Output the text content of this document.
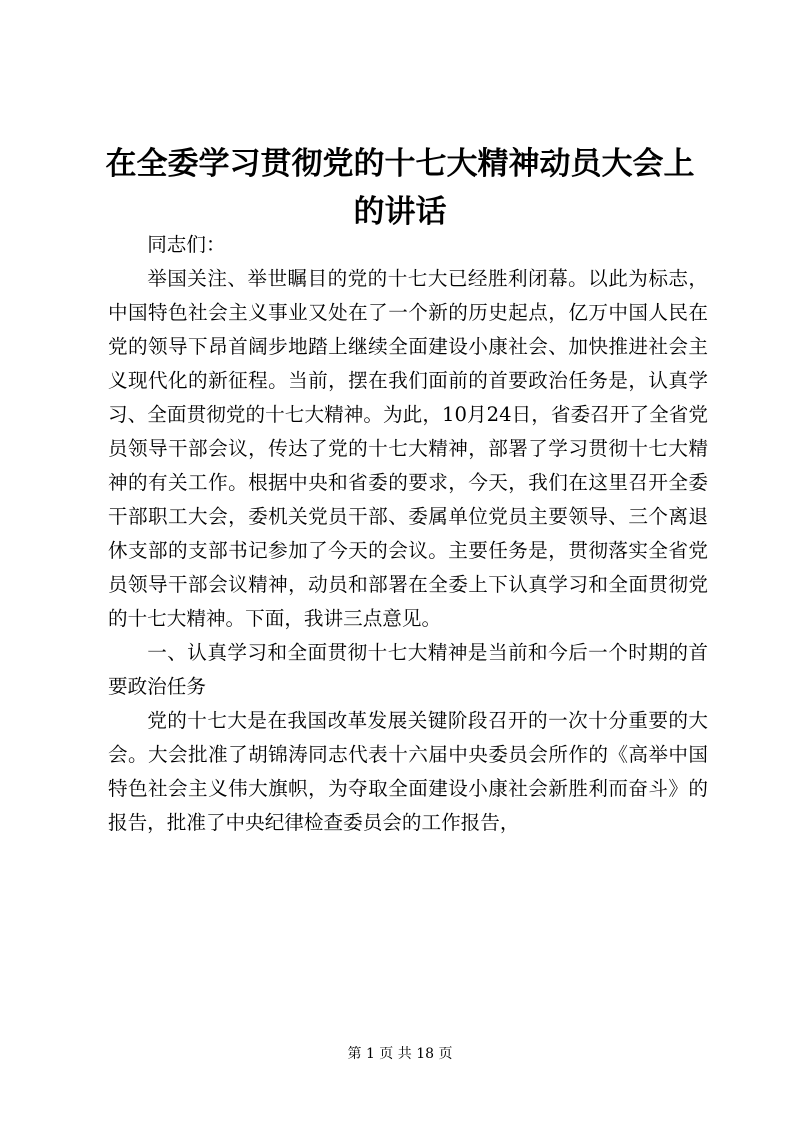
在全委学习贯彻党的十七大精神动员大会上的讲话

同志们：

举国关注、举世瞩目的党的十七大已经胜利闭幕。以此为标志，中国特色社会主义事业又处在了一个新的历史起点，亿万中国人民在党的领导下昂首阔步地踏上继续全面建设小康社会、加快推进社会主义现代化的新征程。当前，摆在我们面前的首要政治任务是，认真学习、全面贯彻党的十七大精神。为此，10月24日，省委召开了全省党员领导干部会议，传达了党的十七大精神，部署了学习贯彻十七大精神的有关工作。根据中央和省委的要求，今天，我们在这里召开全委干部职工大会，委机关党员干部、委属单位党员主要领导、三个离退休支部的支部书记参加了今天的会议。主要任务是，贯彻落实全省党员领导干部会议精神，动员和部署在全委上下认真学习和全面贯彻党的十七大精神。下面，我讲三点意见。

一、认真学习和全面贯彻十七大精神是当前和今后一个时期的首要政治任务

党的十七大是在我国改革发展关键阶段召开的一次十分重要的大会。大会批准了胡锦涛同志代表十六届中央委员会所作的《高举中国特色社会主义伟大旗帜，为夺取全面建设小康社会新胜利而奋斗》的报告，批准了中央纪律检查委员会的工作报告，

第 1 页 共 18 页
